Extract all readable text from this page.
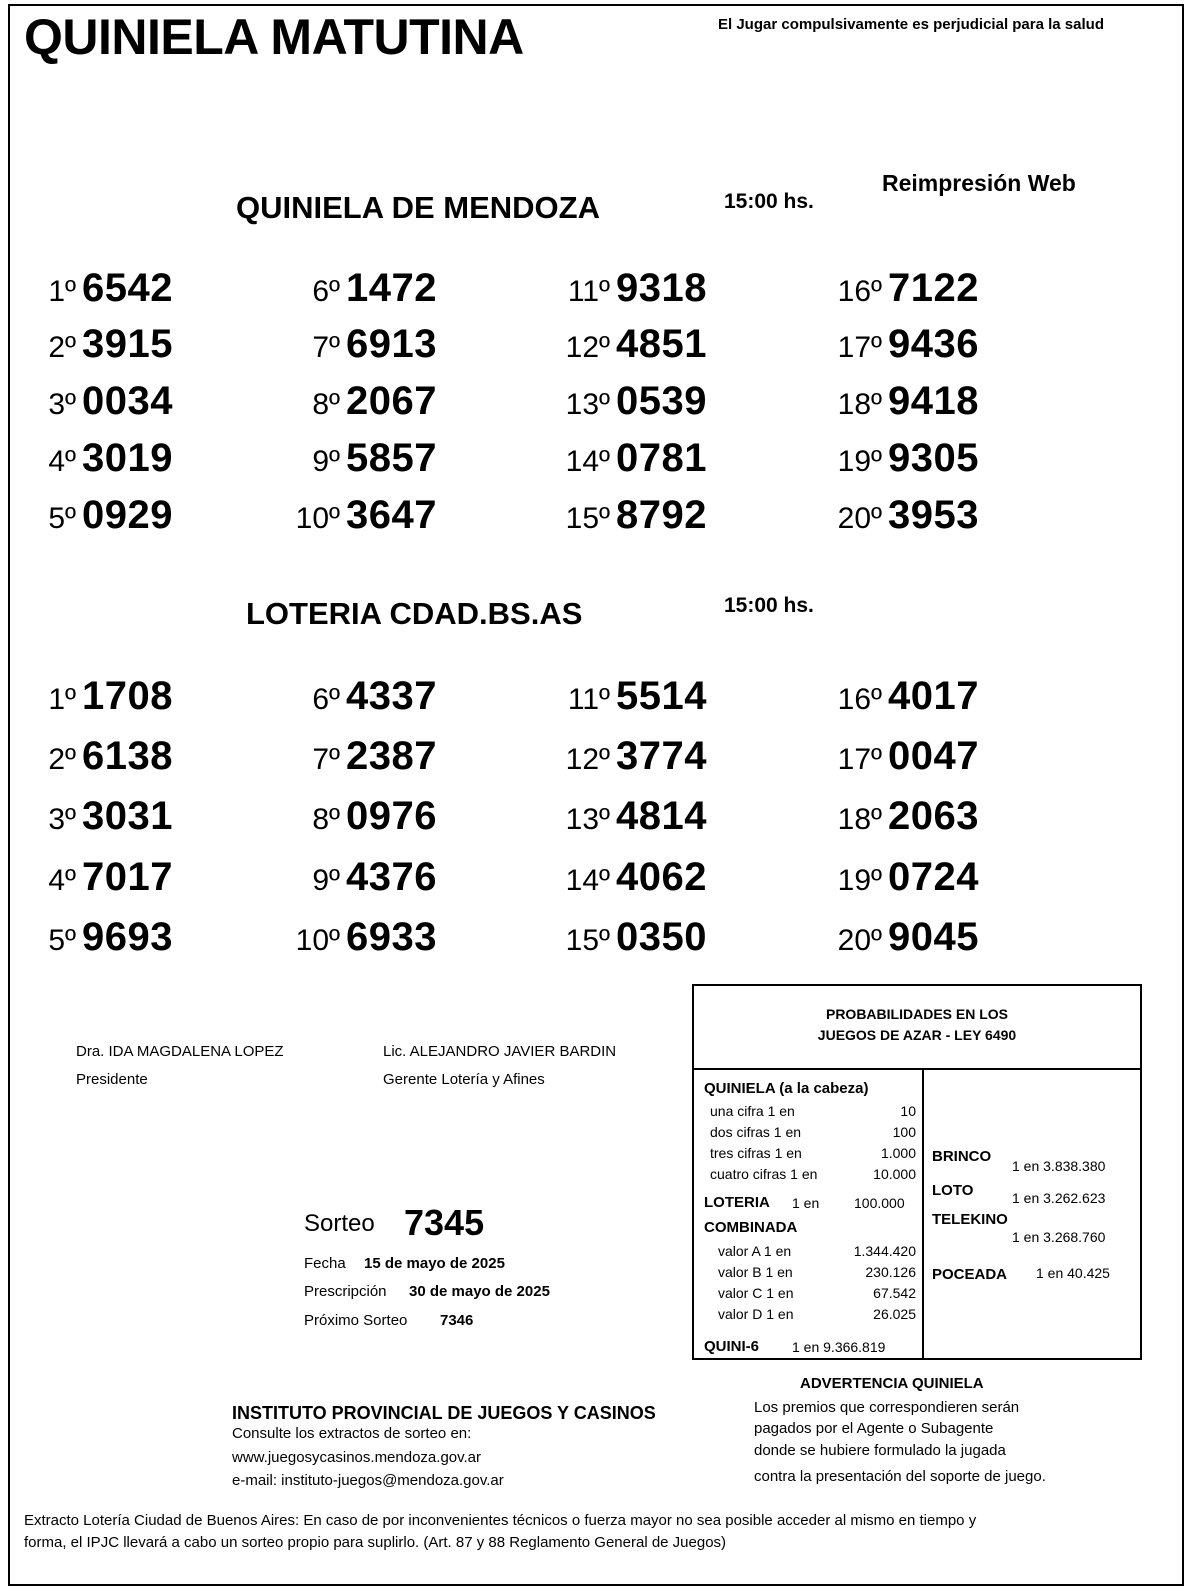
QUINIELA MATUTINA	El Jugar compulsivamente es perjudicial para la salud
Reimpresión Web
QUINIELA DE MENDOZA	15:00 hs.
1º 6542
2º 3915
3º 0034
4º 3019
5º 0929
6º 1472
7º 6913
8º 2067
9º 5857
10º 3647
11º 9318
12º 4851
13º 0539
14º 0781
15º 8792
16º 7122
17º 9436
18º 9418
19º 9305
20º 3953
LOTERIA CDAD.BS.AS	15:00 hs.
1º 1708
2º 6138
3º 3031
4º 7017
5º 9693
6º 4337
7º 2387
8º 0976
9º 4376
10º 6933
11º 5514
12º 3774
13º 4814
14º 4062
15º 0350
16º 4017
17º 0047
18º 2063
19º 0724
20º 9045
Dra. IDA MAGDALENA LOPEZ
Presidente
Lic. ALEJANDRO JAVIER BARDIN
Gerente Lotería y Afines
Sorteo 7345
Fecha 15 de mayo de 2025
Prescripción 30 de mayo de 2025
Próximo Sorteo 7346
PROBABILIDADES EN LOS
JUEGOS DE AZAR - LEY 6490
QUINIELA (a la cabeza)
una cifra 1 en	10
dos cifras 1 en	100
tres cifras 1 en	1.000
cuatro cifras 1 en	10.000
LOTERIA 1 en 100.000
COMBINADA
valor A 1 en	1.344.420
valor B 1 en	230.126
valor C 1 en	67.542
valor D 1 en	26.025
QUINI-6 1 en 9.366.819
BRINCO
1 en 3.838.380
LOTO	1 en 3.262.623
TELEKINO
1 en 3.268.760
POCEADA 1 en 40.425
ADVERTENCIA QUINIELA
Los premios que correspondieren serán
pagados por el Agente o Subagente
donde se hubiere formulado la jugada
contra la presentación del soporte de juego.
INSTITUTO PROVINCIAL DE JUEGOS Y CASINOS
Consulte los extractos de sorteo en:
www.juegosycasinos.mendoza.gov.ar
e-mail: instituto-juegos@mendoza.gov.ar
Extracto Lotería Ciudad de Buenos Aires: En caso de por inconvenientes técnicos o fuerza mayor no sea posible acceder al mismo en tiempo y
forma, el IPJC llevará a cabo un sorteo propio para suplirlo. (Art. 87 y 88 Reglamento General de Juegos)
